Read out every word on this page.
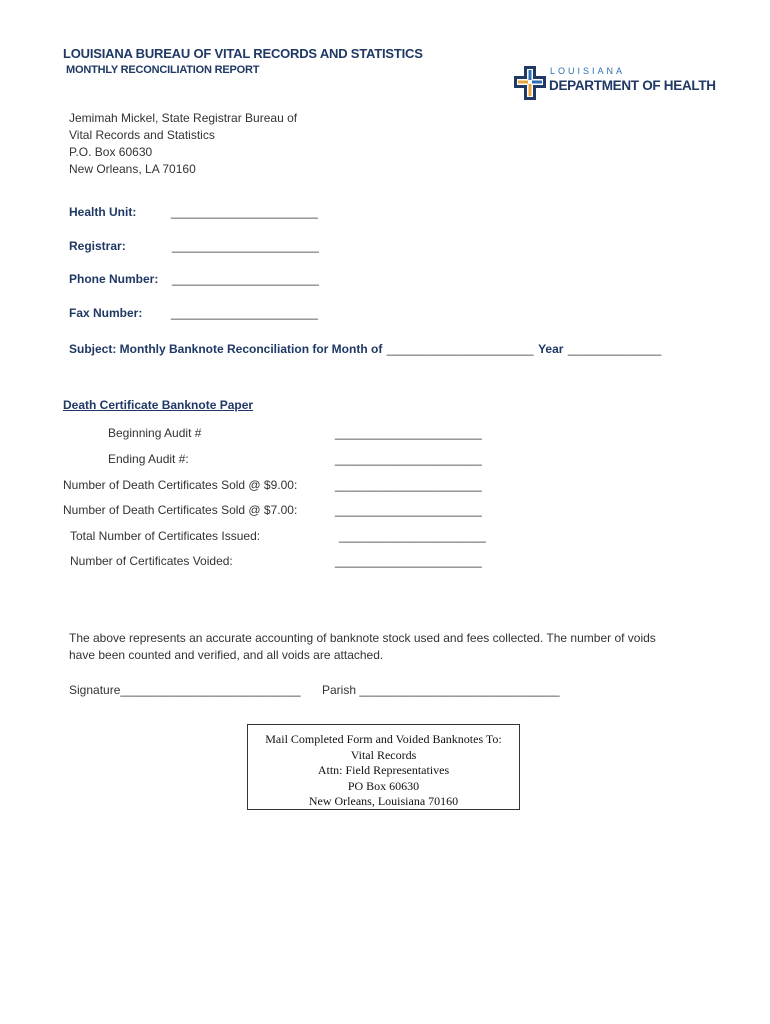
LOUISIANA BUREAU OF VITAL RECORDS AND STATISTICS
MONTHLY RECONCILIATION REPORT	LOUISIANA
DEPARTMENT OF HEALTH
Jemimah Mickel, State Registrar Bureau of
Vital Records and Statistics
P.O. Box 60630
New Orleans, LA 70160
Health Unit:	______________________
Registrar:	______________________
Phone Number: ______________________
Fax Number: ______________________
Subject: Monthly Banknote Reconciliation for Month of ______________________ Year ______________
Death Certificate Banknote Paper
Beginning Audit #	______________________
Ending Audit #:	______________________
Number of Death Certificates Sold @ $9.00:	______________________
Number of Death Certificates Sold @ $7.00:	______________________
Total Number of Certificates Issued:	______________________
Number of Certificates Voided:	______________________
The above represents an accurate accounting of banknote stock used and fees collected. The number of voids
have been counted and verified, and all voids are attached.
Signature___________________________ Parish ______________________________
Mail Completed Form and Voided Banknotes To:
Vital Records
Attn: Field Representatives
PO Box 60630
New Orleans, Louisiana 70160
